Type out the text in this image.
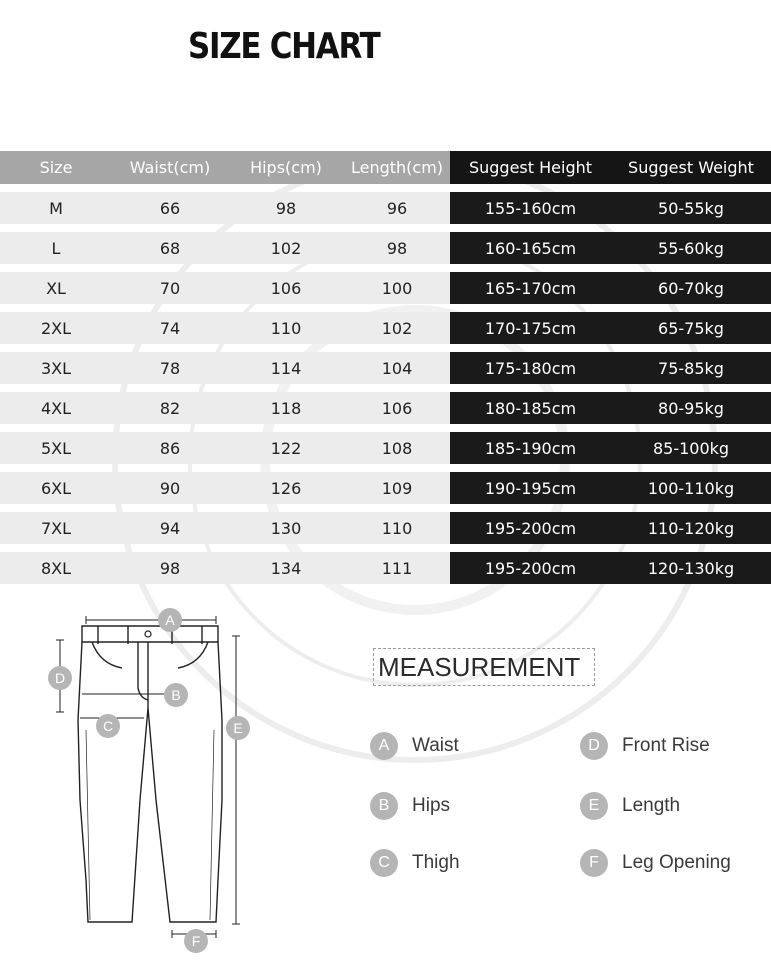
SIZE CHART
Size	Waist(cm)	Hips(cm)	Length(cm)	Suggest Height	Suggest Weight
M	66	98	96	155-160cm	50-55kg
L	68	102	98	160-165cm	55-60kg
XL	70	106	100	165-170cm	60-70kg
2XL	74	110	102	170-175cm	65-75kg
3XL	78	114	104	175-180cm	75-85kg
4XL	82	118	106	180-185cm	80-95kg
5XL	86	122	108	185-190cm	85-100kg
6XL	90	126	109	190-195cm	100-110kg
7XL	94	130	110	195-200cm	110-120kg
8XL	98	134	111	195-200cm	120-130kg
A
B
C
D
E
F
MEASUREMENT
A	Waist
B	Hips
C	Thigh
D	Front Rise
E	Length
F	Leg Opening
